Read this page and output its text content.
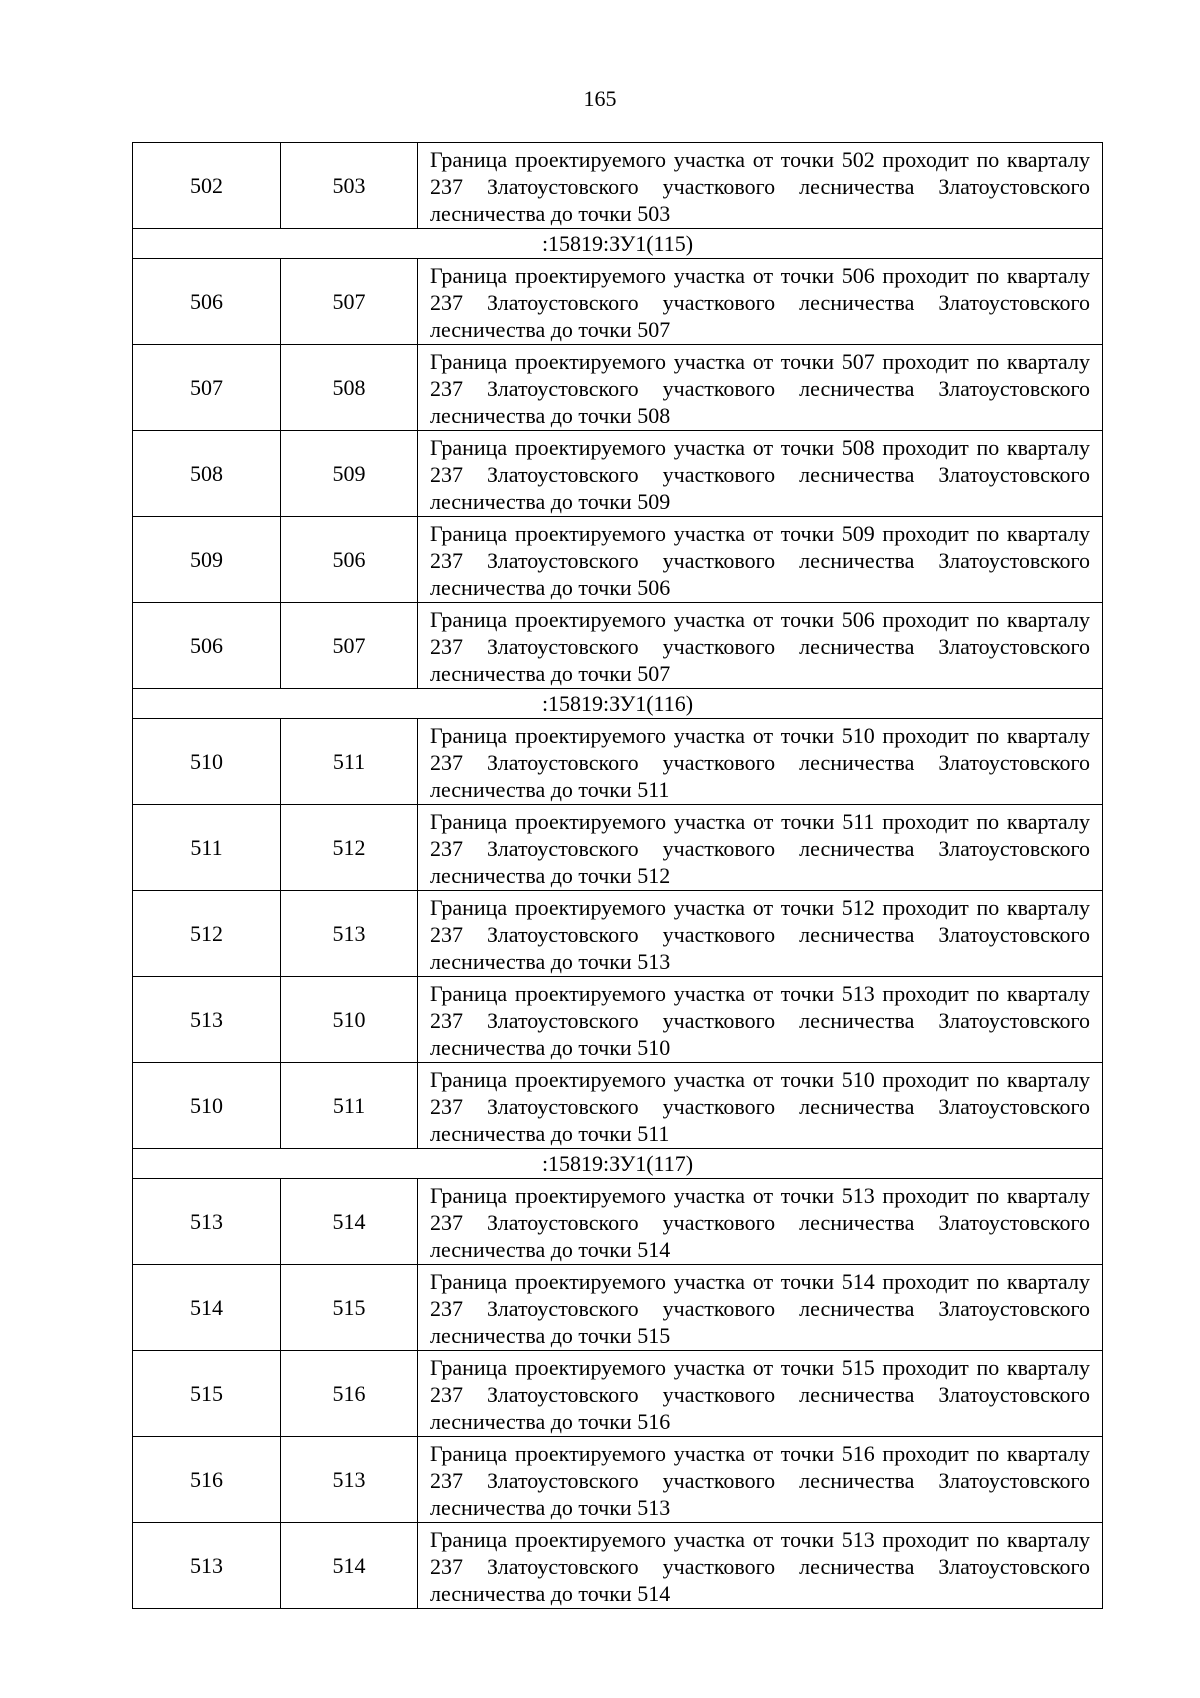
165
502	503	Граница проектируемого участка от точки 502 проходит по кварталу 237 Златоустовского участкового лесничества Златоустовского лесничества до точки 503
:15819:ЗУ1(115)		
506	507	Граница проектируемого участка от точки 506 проходит по кварталу 237 Златоустовского участкового лесничества Златоустовского лесничества до точки 507
507	508	Граница проектируемого участка от точки 507 проходит по кварталу 237 Златоустовского участкового лесничества Златоустовского лесничества до точки 508
508	509	Граница проектируемого участка от точки 508 проходит по кварталу 237 Златоустовского участкового лесничества Златоустовского лесничества до точки 509
509	506	Граница проектируемого участка от точки 509 проходит по кварталу 237 Златоустовского участкового лесничества Златоустовского лесничества до точки 506
506	507	Граница проектируемого участка от точки 506 проходит по кварталу 237 Златоустовского участкового лесничества Златоустовского лесничества до точки 507
:15819:ЗУ1(116)		
510	511	Граница проектируемого участка от точки 510 проходит по кварталу 237 Златоустовского участкового лесничества Златоустовского лесничества до точки 511
511	512	Граница проектируемого участка от точки 511 проходит по кварталу 237 Златоустовского участкового лесничества Златоустовского лесничества до точки 512
512	513	Граница проектируемого участка от точки 512 проходит по кварталу 237 Златоустовского участкового лесничества Златоустовского лесничества до точки 513
513	510	Граница проектируемого участка от точки 513 проходит по кварталу 237 Златоустовского участкового лесничества Златоустовского лесничества до точки 510
510	511	Граница проектируемого участка от точки 510 проходит по кварталу 237 Златоустовского участкового лесничества Златоустовского лесничества до точки 511
:15819:ЗУ1(117)		
513	514	Граница проектируемого участка от точки 513 проходит по кварталу 237 Златоустовского участкового лесничества Златоустовского лесничества до точки 514
514	515	Граница проектируемого участка от точки 514 проходит по кварталу 237 Златоустовского участкового лесничества Златоустовского лесничества до точки 515
515	516	Граница проектируемого участка от точки 515 проходит по кварталу 237 Златоустовского участкового лесничества Златоустовского лесничества до точки 516
516	513	Граница проектируемого участка от точки 516 проходит по кварталу 237 Златоустовского участкового лесничества Златоустовского лесничества до точки 513
513	514	Граница проектируемого участка от точки 513 проходит по кварталу 237 Златоустовского участкового лесничества Златоустовского лесничества до точки 514
